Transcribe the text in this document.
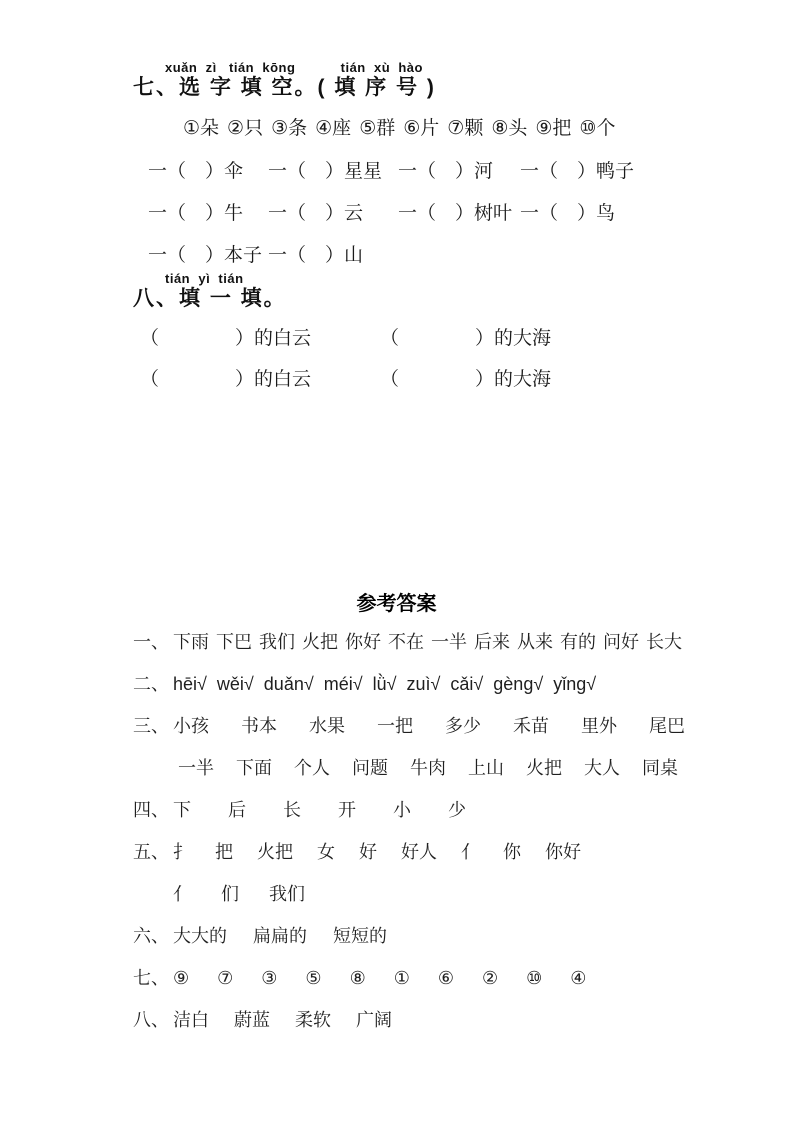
xuǎn  zì   tián  kōng           tián  xù  hào
七、选 字 填 空。( 填 序 号 )
①朵 ②只 ③条 ④座 ⑤群 ⑥片 ⑦颗 ⑧头 ⑨把 ⑩个
一（　）伞	一（　）星星 一（　）河	一（　）鸭子
一（　）牛	一（　）云	一（　）树叶 一（　）鸟
一（　）本子 一（　）山
tián  yì  tián
八、填 一 填。
（　　　　）的白云	（　　　　）的大海
（　　　　）的白云	（　　　　）的大海
参考答案
一、 下雨 下巴 我们 火把 你好 不在 一半 后来 从来 有的 问好 长大
二、 hēi√ wěi√ duǎn√ méi√ lǜ√ zuì√ cǎi√ gèng√ yǐng√
三、 小孩 书本 水果 一把 多少 禾苗 里外 尾巴
一半 下面 个人 问题 牛肉 上山 火把 大人 同桌
四、 下 后 长 开 小 少
五、 扌 把 火把 女 好 好人 亻 你 你好
亻 们 我们
六、 大大的 扁扁的 短短的
七、 ⑨ ⑦ ③ ⑤ ⑧ ① ⑥ ② ⑩ ④
八、 洁白 蔚蓝 柔软 广阔
